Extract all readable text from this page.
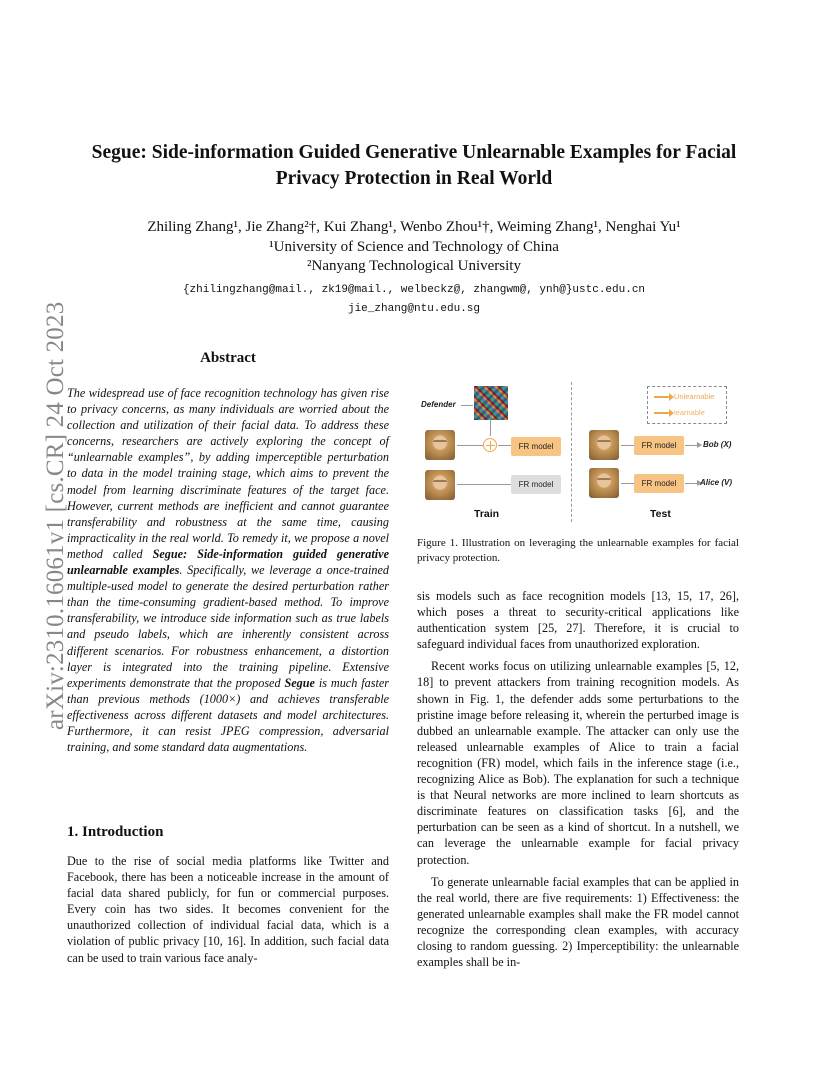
arXiv:2310.16061v1 [cs.CR] 24 Oct 2023
Segue: Side-information Guided Generative Unlearnable Examples for Facial
Privacy Protection in Real World
Zhiling Zhang¹, Jie Zhang²†, Kui Zhang¹, Wenbo Zhou¹†, Weiming Zhang¹, Nenghai Yu¹
¹University of Science and Technology of China
²Nanyang Technological University
{zhilingzhang@mail., zk19@mail., welbeckz@, zhangwm@, ynh@}ustc.edu.cn
jie_zhang@ntu.edu.sg
Abstract
The widespread use of face recognition technology has given rise to privacy concerns, as many individuals are worried about the collection and utilization of their facial data. To address these concerns, researchers are actively exploring the concept of “unlearnable examples”, by adding imperceptible perturbation to data in the model training stage, which aims to prevent the model from learning discriminate features of the target face. However, current methods are inefficient and cannot guarantee transferability and robustness at the same time, causing impracticality in the real world. To remedy it, we propose a novel method called Segue: Side-information guided generative unlearnable examples. Specifically, we leverage a once-trained multiple-used model to generate the desired perturbation rather than the time-consuming gradient-based method. To improve transferability, we introduce side information such as true labels and pseudo labels, which are inherently consistent across different scenarios. For robustness enhancement, a distortion layer is integrated into the training pipeline. Extensive experiments demonstrate that the proposed Segue is much faster than previous methods (1000×) and achieves transferable effectiveness across different datasets and model architectures. Furthermore, it can resist JPEG compression, adversarial training, and some standard data augmentations.
1. Introduction
Due to the rise of social media platforms like Twitter and Facebook, there has been a noticeable increase in the amount of facial data shared publicly, for fun or commercial purposes. Every coin has two sides. It becomes convenient for the unauthorized collection of individual facial data, which is a violation of public privacy [10, 16]. In addition, such facial data can be used to train various face analy-
Defender
FR model
FR model
Train
Unlearnable
learnable
FR model
FR model
Bob (X)
Alice (V)
Test
Figure 1. Illustration on leveraging the unlearnable examples for facial privacy protection.

sis models such as face recognition models [13, 15, 17, 26], which poses a threat to security-critical applications like authentication system [25, 27]. Therefore, it is crucial to safeguard individual faces from unauthorized exploration.

Recent works focus on utilizing unlearnable examples [5, 12, 18] to prevent attackers from training recognition models. As shown in Fig. 1, the defender adds some perturbations to the pristine image before releasing it, wherein the perturbed image is dubbed an unlearnable example. The attacker can only use the released unlearnable examples of Alice to train a facial recognition (FR) model, which fails in the inference stage (i.e., recognizing Alice as Bob). The explanation for such a technique is that Neural networks are more inclined to learn shortcuts as discriminate features on classification tasks [6], and the perturbation can be seen as a kind of shortcut. In a nutshell, we can leverage the unlearnable example for facial privacy protection.

To generate unlearnable facial examples that can be applied in the real world, there are five requirements: 1) Effectiveness: the generated unlearnable examples shall make the FR model cannot recognize the corresponding clean examples, with accuracy closing to random guessing. 2) Imperceptibility: the unlearnable examples shall be in-
